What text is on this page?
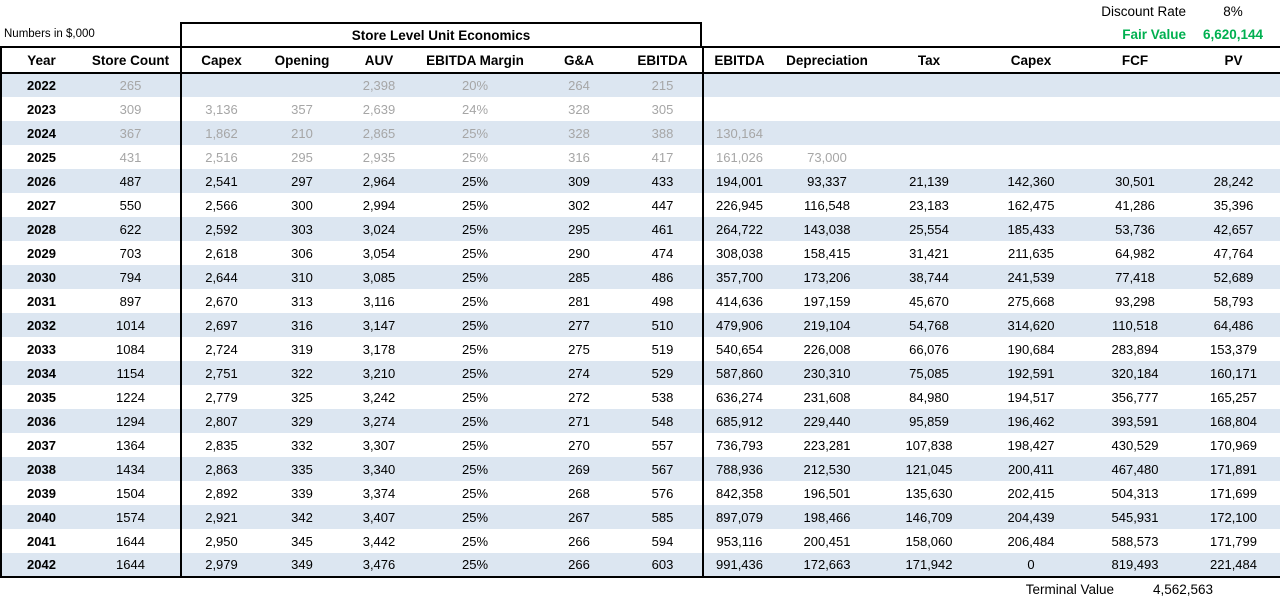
Discount Rate	8%
Numbers in $,000	Store Level Unit Economics	Fair Value	6,620,144
Year	Store Count	Capex	Opening	AUV	EBITDA Margin	G&A	EBITDA	EBITDA	Depreciation	Tax	Capex	FCF	PV
2022	265			2,398	20%	264	215						
2023	309	3,136	357	2,639	24%	328	305						
2024	367	1,862	210	2,865	25%	328	388	130,164					
2025	431	2,516	295	2,935	25%	316	417	161,026	73,000				
2026	487	2,541	297	2,964	25%	309	433	194,001	93,337	21,139	142,360	30,501	28,242
2027	550	2,566	300	2,994	25%	302	447	226,945	116,548	23,183	162,475	41,286	35,396
2028	622	2,592	303	3,024	25%	295	461	264,722	143,038	25,554	185,433	53,736	42,657
2029	703	2,618	306	3,054	25%	290	474	308,038	158,415	31,421	211,635	64,982	47,764
2030	794	2,644	310	3,085	25%	285	486	357,700	173,206	38,744	241,539	77,418	52,689
2031	897	2,670	313	3,116	25%	281	498	414,636	197,159	45,670	275,668	93,298	58,793
2032	1014	2,697	316	3,147	25%	277	510	479,906	219,104	54,768	314,620	110,518	64,486
2033	1084	2,724	319	3,178	25%	275	519	540,654	226,008	66,076	190,684	283,894	153,379
2034	1154	2,751	322	3,210	25%	274	529	587,860	230,310	75,085	192,591	320,184	160,171
2035	1224	2,779	325	3,242	25%	272	538	636,274	231,608	84,980	194,517	356,777	165,257
2036	1294	2,807	329	3,274	25%	271	548	685,912	229,440	95,859	196,462	393,591	168,804
2037	1364	2,835	332	3,307	25%	270	557	736,793	223,281	107,838	198,427	430,529	170,969
2038	1434	2,863	335	3,340	25%	269	567	788,936	212,530	121,045	200,411	467,480	171,891
2039	1504	2,892	339	3,374	25%	268	576	842,358	196,501	135,630	202,415	504,313	171,699
2040	1574	2,921	342	3,407	25%	267	585	897,079	198,466	146,709	204,439	545,931	172,100
2041	1644	2,950	345	3,442	25%	266	594	953,116	200,451	158,060	206,484	588,573	171,799
2042	1644	2,979	349	3,476	25%	266	603	991,436	172,663	171,942	0	819,493	221,484
Terminal Value	4,562,563
